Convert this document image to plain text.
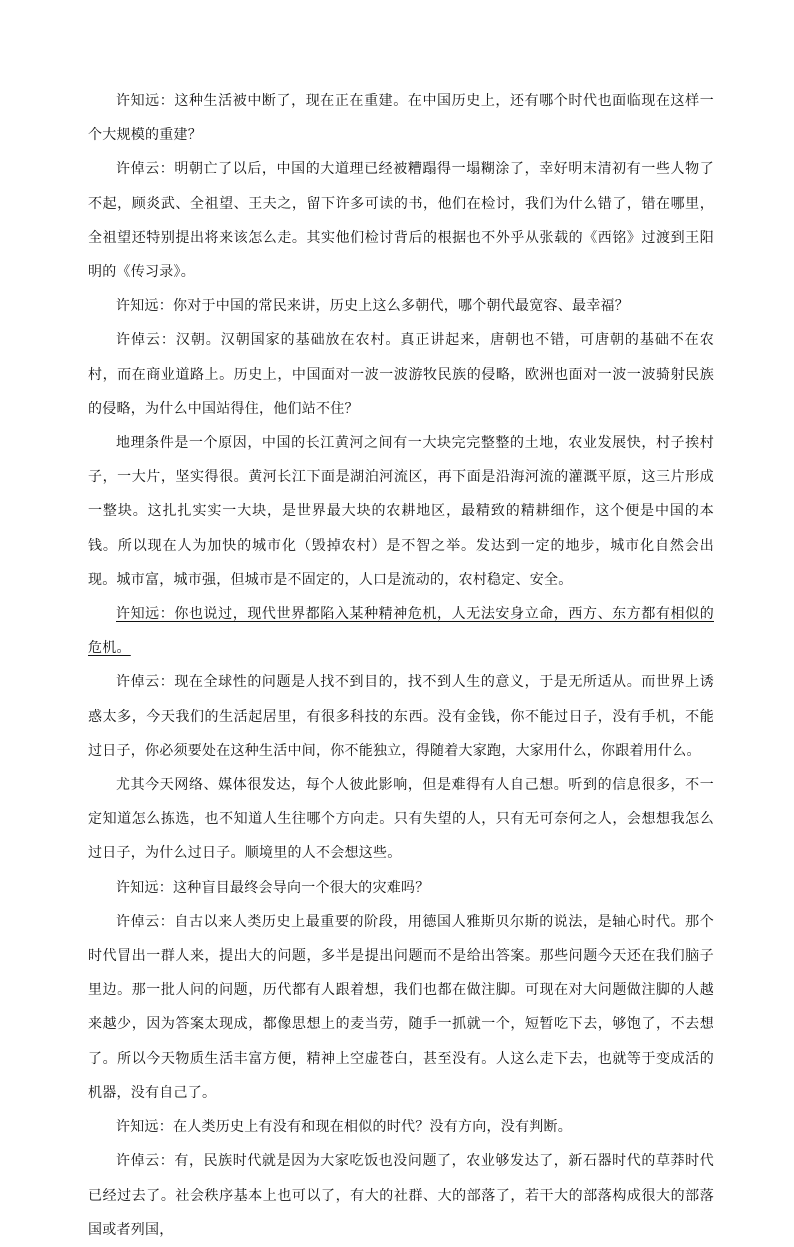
许知远：这种生活被中断了，现在正在重建。在中国历史上，还有哪个时代也面临现在这样一个大规模的重建？

许倬云：明朝亡了以后，中国的大道理已经被糟蹋得一塌糊涂了，幸好明末清初有一些人物了不起，顾炎武、全祖望、王夫之，留下许多可读的书，他们在检讨，我们为什么错了，错在哪里，全祖望还特别提出将来该怎么走。其实他们检讨背后的根据也不外乎从张载的《西铭》过渡到王阳明的《传习录》。

许知远：你对于中国的常民来讲，历史上这么多朝代，哪个朝代最宽容、最幸福？

许倬云：汉朝。汉朝国家的基础放在农村。真正讲起来，唐朝也不错，可唐朝的基础不在农村，而在商业道路上。历史上，中国面对一波一波游牧民族的侵略，欧洲也面对一波一波骑射民族的侵略，为什么中国站得住，他们站不住？

地理条件是一个原因，中国的长江黄河之间有一大块完完整整的土地，农业发展快，村子挨村子，一大片，坚实得很。黄河长江下面是湖泊河流区，再下面是沿海河流的灌溉平原，这三片形成一整块。这扎扎实实一大块，是世界最大块的农耕地区，最精致的精耕细作，这个便是中国的本钱。所以现在人为加快的城市化（毁掉农村）是不智之举。发达到一定的地步，城市化自然会出现。城市富，城市强，但城市是不固定的，人口是流动的，农村稳定、安全。

许知远：你也说过，现代世界都陷入某种精神危机，人无法安身立命，西方、东方都有相似的危机。

许倬云：现在全球性的问题是人找不到目的，找不到人生的意义，于是无所适从。而世界上诱惑太多，今天我们的生活起居里，有很多科技的东西。没有金钱，你不能过日子，没有手机，不能过日子，你必须要处在这种生活中间，你不能独立，得随着大家跑，大家用什么，你跟着用什么。

尤其今天网络、媒体很发达，每个人彼此影响，但是难得有人自己想。听到的信息很多，不一定知道怎么拣选，也不知道人生往哪个方向走。只有失望的人，只有无可奈何之人，会想想我怎么过日子，为什么过日子。顺境里的人不会想这些。

许知远：这种盲目最终会导向一个很大的灾难吗？

许倬云：自古以来人类历史上最重要的阶段，用德国人雅斯贝尔斯的说法，是轴心时代。那个时代冒出一群人来，提出大的问题，多半是提出问题而不是给出答案。那些问题今天还在我们脑子里边。那一批人问的问题，历代都有人跟着想，我们也都在做注脚。可现在对大问题做注脚的人越来越少，因为答案太现成，都像思想上的麦当劳，随手一抓就一个，短暂吃下去，够饱了，不去想了。所以今天物质生活丰富方便，精神上空虚苍白，甚至没有。人这么走下去，也就等于变成活的机器，没有自己了。

许知远：在人类历史上有没有和现在相似的时代？没有方向，没有判断。

许倬云：有，民族时代就是因为大家吃饭也没问题了，农业够发达了，新石器时代的草莽时代已经过去了。社会秩序基本上也可以了，有大的社群、大的部落了，若干大的部落构成很大的部落国或者列国，
